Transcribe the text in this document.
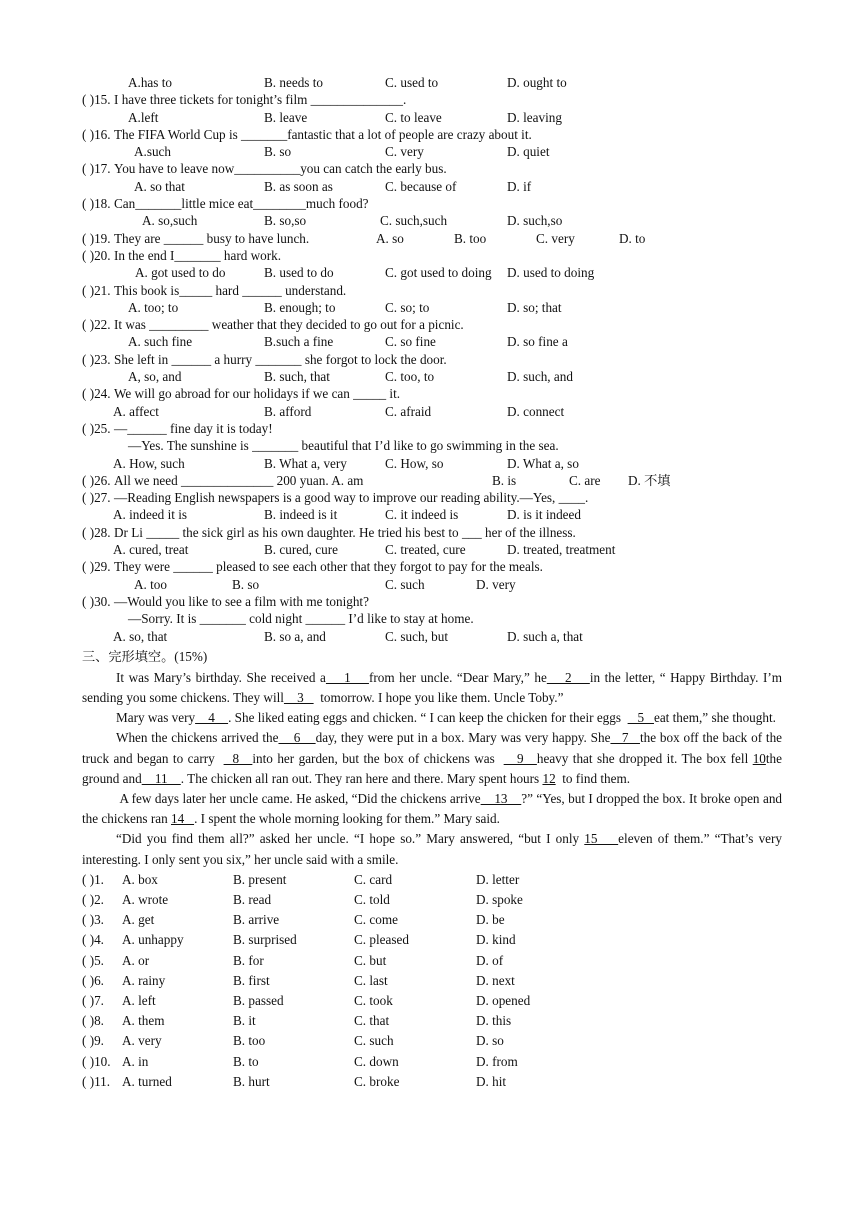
A.has to	B. needs to	C. used to	D. ought to
( )15. I have three tickets for tonight’s film ______________.
A.left	B. leave	C. to leave	D. leaving
( )16. The FIFA World Cup is _______fantastic that a lot of people are crazy about it.
A.such	B. so	C. very	D. quiet
( )17. You have to leave now__________you can catch the early bus.
A. so that	B. as soon as	C. because of	D. if
( )18. Can_______little mice eat________much food?
A. so,such	B. so,so	C. such,such	D. such,so
( )19. They are ______ busy to have lunch.	A. so	B. too	C. very	D. to
( )20. In the end I_______ hard work.
A. got used to do	B. used to do	C. got used to doing D. used to doing
( )21. This book is_____ hard ______ understand.
A. too; to	B. enough; to	C. so; to	D. so; that
( )22. It was _________ weather that they decided to go out for a picnic.
A. such fine	B.such a fine	C. so fine	D. so fine a
( )23. She left in ______ a hurry _______ she forgot to lock the door.
A, so, and	B. such, that	C. too, to	D. such, and
( )24. We will go abroad for our holidays if we can _____ it.
A. affect	B. afford	C. afraid	D. connect
( )25. —______ fine day it is today!
—Yes. The sunshine is _______ beautiful that I’d like to go swimming in the sea.
A. How, such	B. What a, very	C. How, so	D. What a, so
( )26. All we need ______________ 200 yuan. A. am	B. is	C. are D. 不填
( )27. —Reading English newspapers is a good way to improve our reading ability.—Yes, ____.
A. indeed it is	B. indeed is it	C. it indeed is	D. is it indeed
( )28. Dr Li _____ the sick girl as his own daughter. He tried his best to ___ her of the illness.
A. cured, treat	B. cured, cure	C. treated, cure	D. treated, treatment
( )29. They were ______ pleased to see each other that they forgot to pay for the meals.
A. too	B. so	C. such	D. very
( )30. —Would you like to see a film with me tonight?
—Sorry. It is _______ cold night ______ I’d like to stay at home.
A. so, that	B. so a, and	C. such, but	D. such a, that
三、完形填空。(15%)

It was Mary’s birthday. She received a    1    from her uncle. “Dear Mary,” he    2    in the letter, “ Happy Birthday. I’m sending you some chickens. They will    3     tomorrow. I hope you like them. Uncle Toby.”

Mary was very    4    . She liked eating eggs and chicken. “ I can keep the chicken for their eggs     5   eat them,” she thought.

When the chickens arrived the    6    day, they were put in a box. Mary was very happy. She   7   the box off the back of the truck and began to carry    8   into her garden, but the box of chickens was     9   heavy that she dropped it. The box fell 10the ground and    11    . The chicken all ran out. They ran here and there. Mary spent hours 12  to find them.

A few days later her uncle came. He asked, “Did the chickens arrive    13    ?” “Yes, but I dropped the box. It broke open and the chickens ran 14   . I spent the whole morning looking for them.” Mary said.

“Did you find them all?” asked her uncle. “I hope so.” Mary answered, “but I only 15    eleven of them.” “That’s very interesting. I only sent you six,” her uncle said with a smile.

( )1. A. box	B. present	C. card	D. letter
( )2. A. wrote	B. read	C. told	D. spoke
( )3. A. get	B. arrive	C. come	D. be
( )4. A. unhappy	B. surprised	C. pleased	D. kind
( )5. A. or	B. for	C. but	D. of
( )6. A. rainy	B. first	C. last	D. next
( )7. A. left	B. passed	C. took	D. opened
( )8. A. them	B. it	C. that	D. this
( )9. A. very	B. too	C. such	D. so
( )10. A. in	B. to	C. down	D. from
( )11. A. turned	B. hurt	C. broke	D. hit
